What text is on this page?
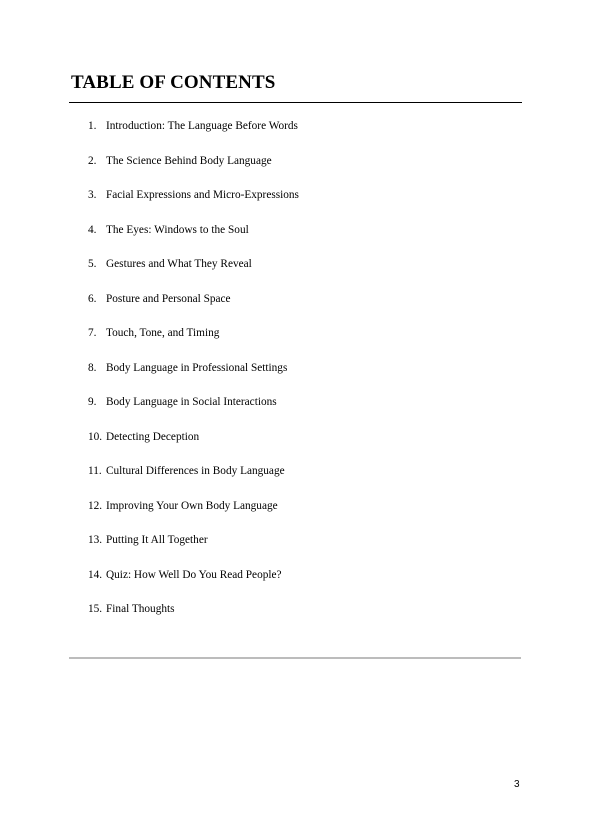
TABLE OF CONTENTS
1. Introduction: The Language Before Words
2. The Science Behind Body Language
3. Facial Expressions and Micro-Expressions
4. The Eyes: Windows to the Soul
5. Gestures and What They Reveal
6. Posture and Personal Space
7. Touch, Tone, and Timing
8. Body Language in Professional Settings
9. Body Language in Social Interactions
10. Detecting Deception
11. Cultural Differences in Body Language
12. Improving Your Own Body Language
13. Putting It All Together
14. Quiz: How Well Do You Read People?
15. Final Thoughts
3
